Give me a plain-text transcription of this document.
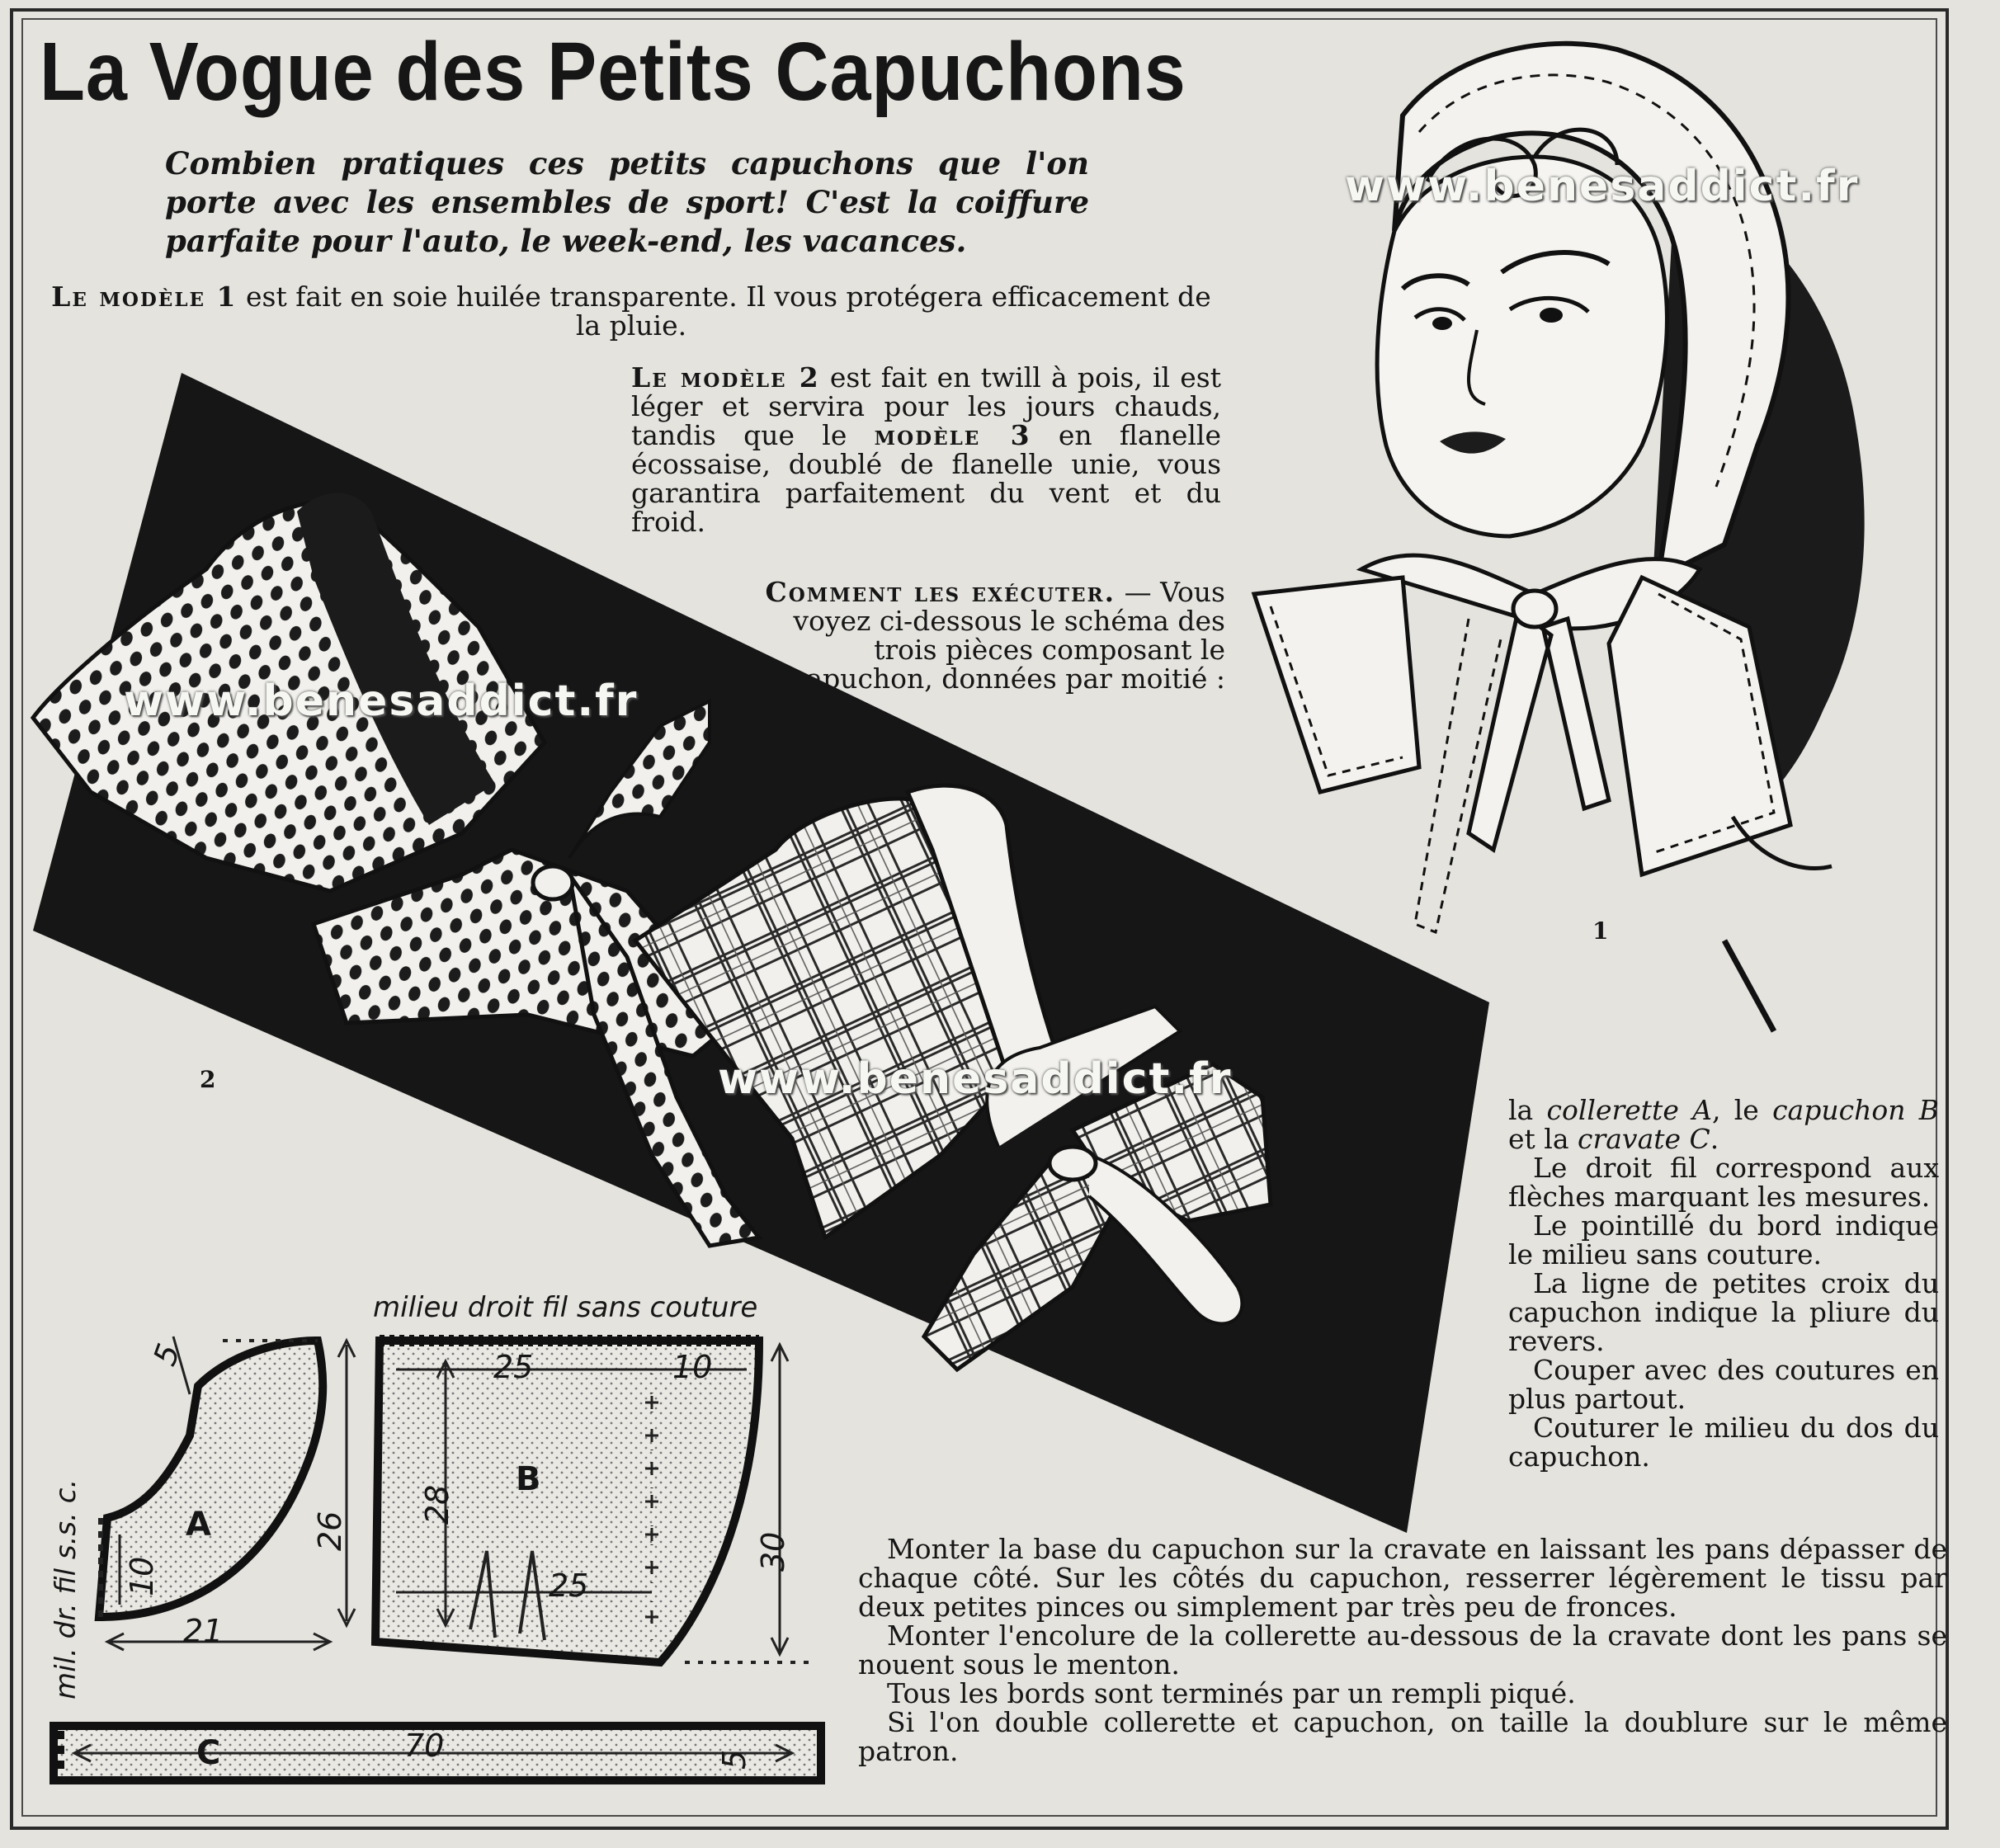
La Vogue des Petits Capuchons
Combien pratiques ces petits capuchons que l'on porte avec les ensembles de sport! C'est la coiffure parfaite pour l'auto, le week-end, les vacances.
Le modèle 1 est fait en soie huilée transparente. Il vous protégera efficacement de la pluie.
Le modèle 2 est fait en twill à pois, il est léger et servira pour les jours chauds, tandis que le modèle 3 en flanelle écossaise, doublé de flanelle unie, vous garantira parfaitement du vent et du froid.
Comment les exécuter. — Vous voyez ci-dessous le schéma des trois pièces composant le capuchon, données par moitié :
la collerette A, le capuchon B et la cravate C.
Le droit fil correspond aux flèches marquant les mesures.
Le pointillé du bord indique le milieu sans couture.
La ligne de petites croix du capuchon indique la pliure du revers.
Couper avec des coutures en plus partout.
Couturer le milieu du dos du capuchon.
Monter la base du capuchon sur la cravate en laissant les pans dépasser de chaque côté. Sur les côtés du capuchon, resserrer légèrement le tissu par deux petites pinces ou simplement par très peu de fronces.
Monter l'encolure de la collerette au-dessous de la cravate dont les pans se nouent sous le menton.
Tous les bords sont terminés par un rempli piqué.
Si l'on double collerette et capuchon, on taille la doublure sur le même patron.
1
2
3
www.benesaddict.fr
www.benesaddict.fr
www.benesaddict.fr
milieu droit fil sans couture
mil. dr. fil s.s. c.	A
5
10
21
26
B
25	10
28
25
30
C	70	5
